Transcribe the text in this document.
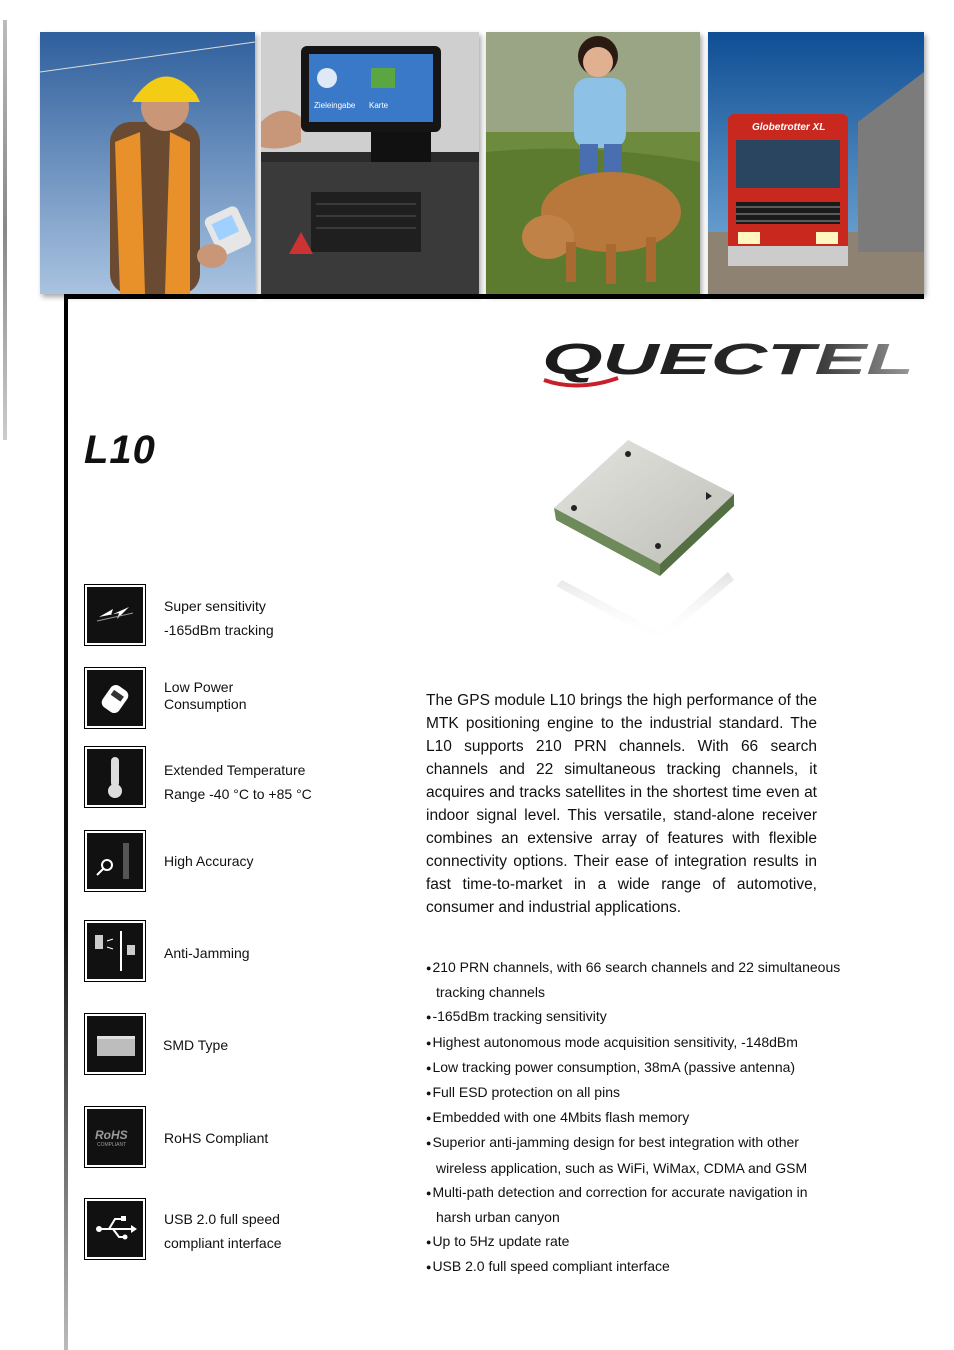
Zieleingabe Karte
Globetrotter XL
QUECTEL
L10
Super sensitivity
-165dBm tracking
Low Power
Consumption
Extended Temperature
Range -40 °C to +85 °C
High Accuracy
Anti-Jamming
SMD Type
RoHS
COMPLIANT	RoHS Compliant
USB 2.0 full speed
compliant interface
The GPS module L10 brings the high performance of the MTK positioning engine to the industrial standard. The L10 supports 210 PRN channels. With 66 search channels and 22 simultaneous tracking channels, it acquires and tracks satellites in the shortest time even at indoor signal level. This versatile, stand-alone receiver combines an extensive array of features with flexible connectivity options. Their ease of integration results in fast time-to-market in a wide range of automotive, consumer and industrial applications.
● 210 PRN channels, with 66 search channels and 22 simultaneous tracking channels
● -165dBm tracking sensitivity
● Highest autonomous mode acquisition sensitivity, -148dBm
● Low tracking power consumption, 38mA (passive antenna)
● Full ESD protection on all pins
● Embedded with one 4Mbits flash memory
● Superior anti-jamming design for best integration with other wireless application, such as WiFi, WiMax, CDMA and GSM
● Multi-path detection and correction for accurate navigation in harsh urban canyon
● Up to 5Hz update rate
● USB 2.0 full speed compliant interface
